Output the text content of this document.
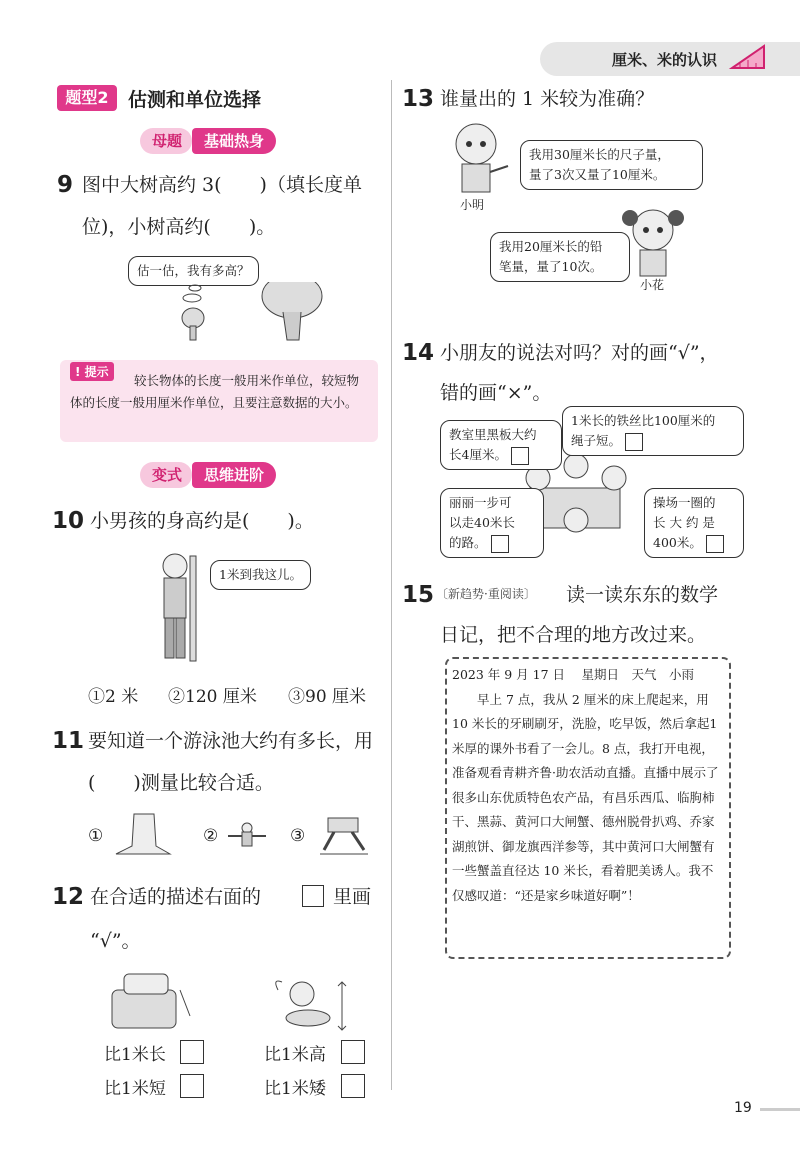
厘米、米的认识
题型2	估测和单位选择
母题	基础热身
9 图中大树高约 3(　　)（填长度单
位)，小树高约(　　)。
估一估，我有多高？
较长物体的长度一般用米作单位，较短物体的长度一般用厘米作单位，且要注意数据的大小。
! 提示
变式	思维进阶
10 小男孩的身高约是(　　)。
1米到我这儿。
①2 米 ②120 厘米 ③90 厘米
11 要知道一个游泳池大约有多长，用
(　　)测量比较合适。
①	②	③
12 在合适的描述右面的	里画
“√”。
比1米长
比1米短
比1米高
比1米矮
13 谁量出的 1 米较为准确？
小明
我用30厘米长的尺子量，
量了3次又量了10厘米。
我用20厘米长的铅
笔量，量了10次。
小花
14 小朋友的说法对吗？对的画“√”，
错的画“×”。
教室里黑板大约
长4厘米。
1米长的铁丝比100厘米的
绳子短。
丽丽一步可
以走40米长
的路。
操场一圈的
长 大 约 是
400米。
15 〔新趋势·重阅读〕 读一读东东的数学
日记，把不合理的地方改过来。
2023 年 9 月 17 日　 星期日　天气　小雨
早上 7 点，我从 2 厘米的床上爬起来，用 10 米长的牙刷刷牙，洗脸，吃早饭，然后拿起1 米厚的课外书看了一会儿。8 点，我打开电视，准备观看青耕齐鲁·助农活动直播。直播中展示了很多山东优质特色农产品，有昌乐西瓜、临朐柿干、黑蒜、黄河口大闸蟹、德州脱骨扒鸡、乔家湖煎饼、御龙旗西洋参等，其中黄河口大闸蟹有一些蟹盖直径达 10 米长，看着肥美诱人。我不仅感叹道：“还是家乡味道好啊”！
19
